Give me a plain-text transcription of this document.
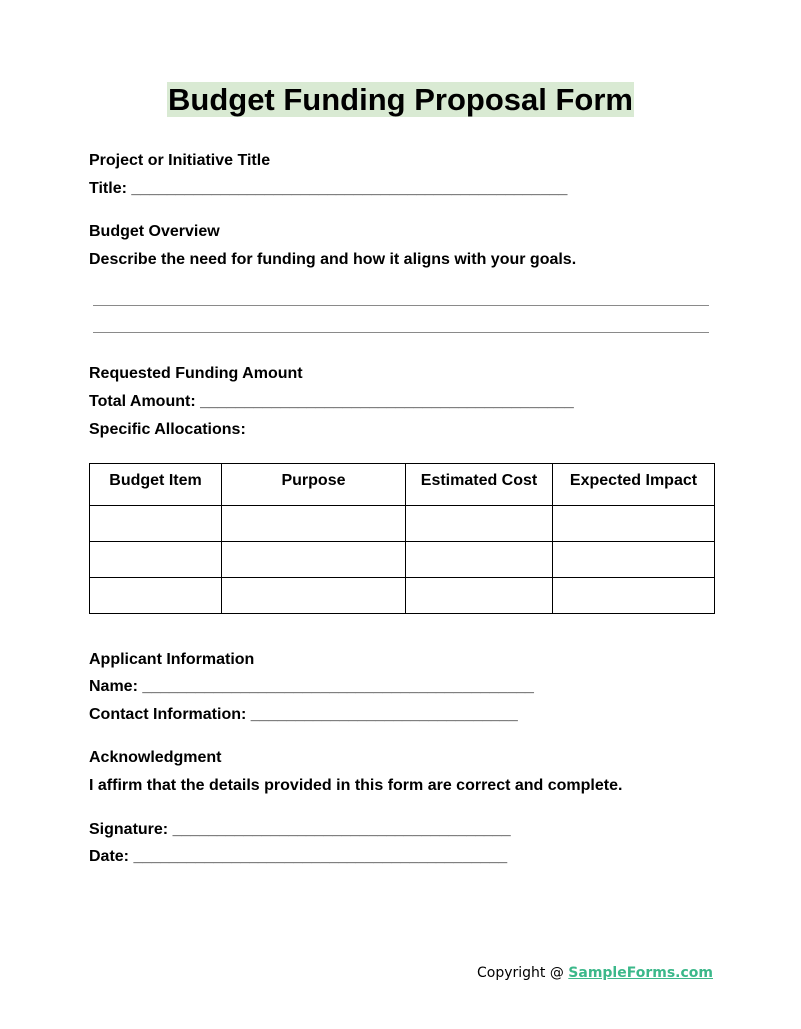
Budget Funding Proposal Form
Project or Initiative Title
Title: _________________________________________________
Budget Overview
Describe the need for funding and how it aligns with your goals.
Requested Funding Amount
Total Amount: __________________________________________
Specific Allocations:
Budget Item	Purpose	Estimated Cost	Expected Impact

Applicant Information
Name: ____________________________________________
Contact Information: ______________________________
Acknowledgment
I affirm that the details provided in this form are correct and complete.
Signature: ______________________________________
Date: __________________________________________
Copyright @ SampleForms.com
